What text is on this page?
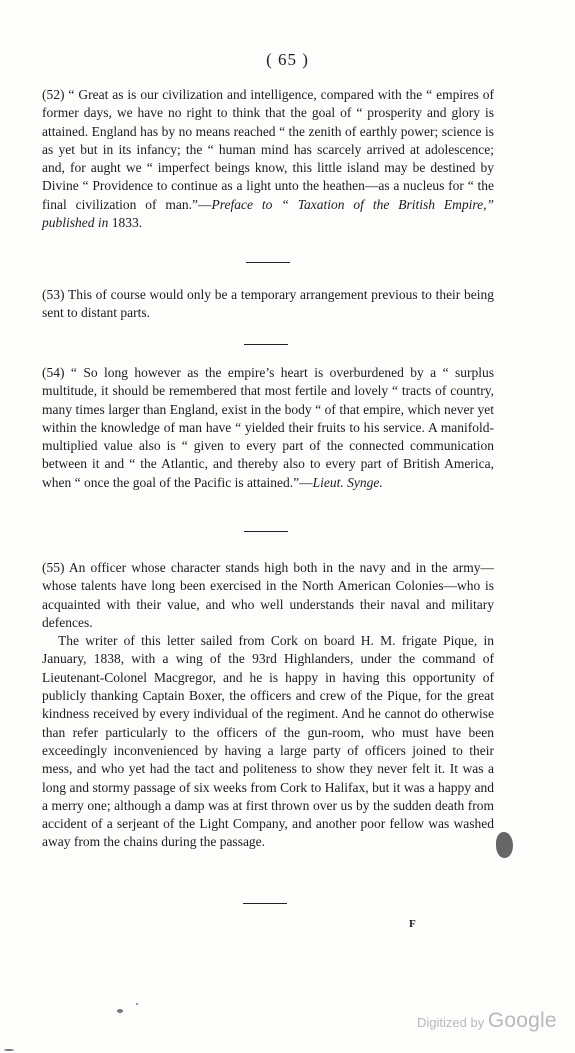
( 65 )

(52) “ Great as is our civilization and intelligence, compared with the “ empires of former days, we have no right to think that the goal of “ prosperity and glory is attained. England has by no means reached “ the zenith of earthly power; science is as yet but in its infancy; the “ human mind has scarcely arrived at adolescence; and, for aught we “ imperfect beings know, this little island may be destined by Divine “ Providence to continue as a light unto the heathen—as a nucleus for “ the final civilization of man.”—Preface to “ Taxation of the British Empire,” published in 1833.

(53) This of course would only be a temporary arrangement previous to their being sent to distant parts.

(54) “ So long however as the empire’s heart is overburdened by a “ surplus multitude, it should be remembered that most fertile and lovely “ tracts of country, many times larger than England, exist in the body “ of that empire, which never yet within the knowledge of man have “ yielded their fruits to his service. A manifold-multiplied value also is “ given to every part of the connected communication between it and “ the Atlantic, and thereby also to every part of British America, when “ once the goal of the Pacific is attained.”—Lieut. Synge.

(55) An officer whose character stands high both in the navy and in the army—whose talents have long been exercised in the North American Colonies—who is acquainted with their value, and who well understands their naval and military defences.

The writer of this letter sailed from Cork on board H. M. frigate Pique, in January, 1838, with a wing of the 93rd Highlanders, under the command of Lieutenant-Colonel Macgregor, and he is happy in having this opportunity of publicly thanking Captain Boxer, the officers and crew of the Pique, for the great kindness received by every individual of the regiment. And he cannot do otherwise than refer particularly to the officers of the gun-room, who must have been exceedingly inconvenienced by having a large party of officers joined to their mess, and who yet had the tact and politeness to show they never felt it. It was a long and stormy passage of six weeks from Cork to Halifax, but it was a happy and a merry one; although a damp was at first thrown over us by the sudden death from accident of a serjeant of the Light Company, and another poor fellow was washed away from the chains during the passage.

F
Digitized by Google
